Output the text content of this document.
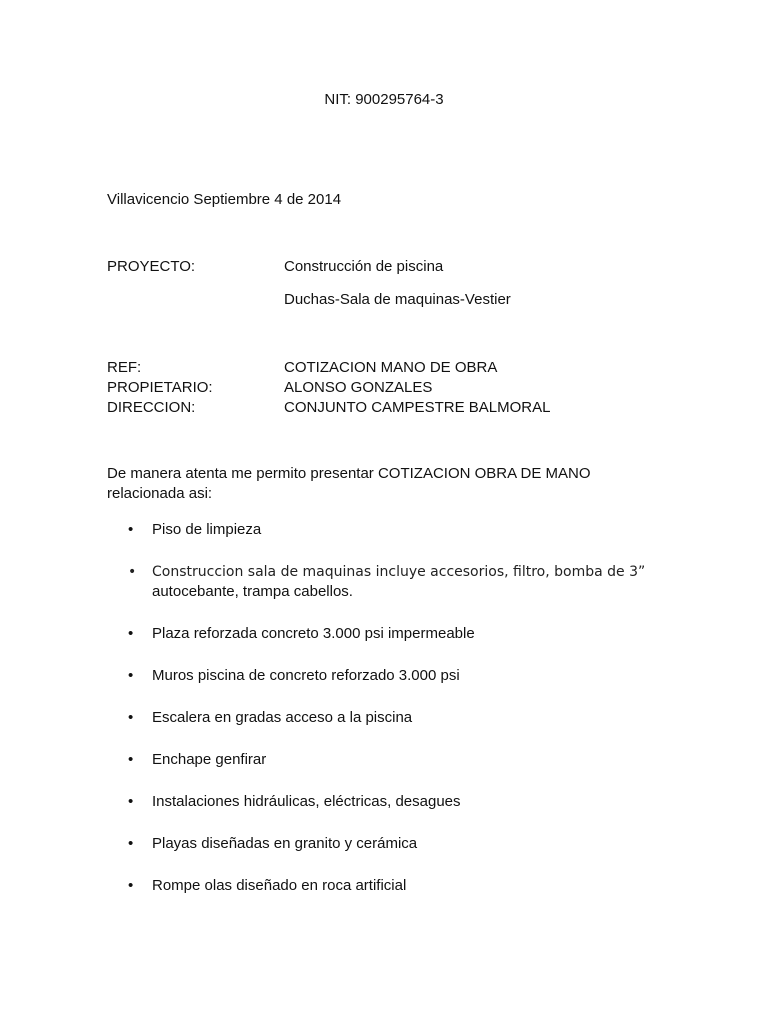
NIT: 900295764-3
Villavicencio Septiembre 4 de 2014
PROYECTO:	Construcción de piscina
Duchas-Sala de maquinas-Vestier
REF:	COTIZACION MANO DE OBRA
PROPIETARIO:	ALONSO GONZALES
DIRECCION:	CONJUNTO CAMPESTRE BALMORAL
De manera atenta me permito presentar COTIZACION OBRA DE MANO relacionada asi:
• Piso de limpieza
• Construccion sala de maquinas incluye accesorios, filtro, bomba de 3”
autocebante, trampa cabellos.
• Plaza reforzada concreto 3.000 psi impermeable
• Muros piscina de concreto reforzado 3.000 psi
• Escalera en gradas acceso a la piscina
• Enchape genfirar
• Instalaciones hidráulicas, eléctricas, desagues
• Playas diseñadas en granito y cerámica
• Rompe olas diseñado en roca artificial
